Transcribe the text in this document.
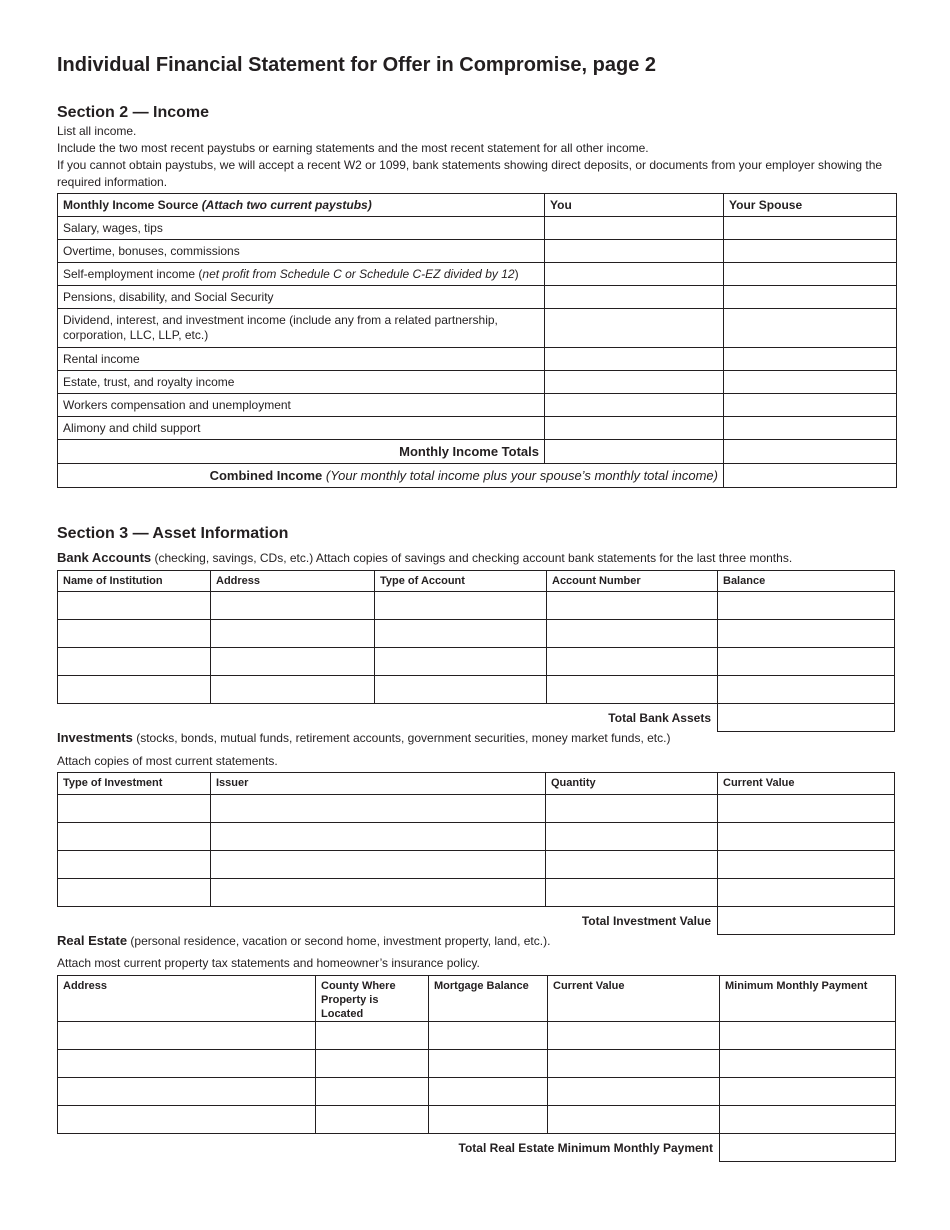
Individual Financial Statement for Offer in Compromise, page 2
Section 2 — Income

List all income.

Include the two most recent paystubs or earning statements and the most recent statement for all other income.

If you cannot obtain paystubs, we will accept a recent W2 or 1099, bank statements showing direct deposits, or documents from your employer showing the required information.

Monthly Income Source (Attach two current paystubs)	You	Your Spouse
Salary, wages, tips		
Overtime, bonuses, commissions		
Self-employment income (net profit from Schedule C or Schedule C-EZ divided by 12)		
Pensions, disability, and Social Security		
Dividend, interest, and investment income (include any from a related partnership, corporation, LLC, LLP, etc.)		
Rental income		
Estate, trust, and royalty income		
Workers compensation and unemployment		
Alimony and child support		
Monthly Income Totals		
Combined Income (Your monthly total income plus your spouse’s monthly total income)		
Section 3 — Asset Information

Bank Accounts (checking, savings, CDs, etc.) Attach copies of savings and checking account bank statements for the last three months.

Name of Institution	Address	Type of Account	Account Number	Balance

Total Bank Assets				

Investments (stocks, bonds, mutual funds, retirement accounts, government securities, money market funds, etc.)

Attach copies of most current statements.

Type of Investment	Issuer	Quantity	Current Value

Total Investment Value			

Real Estate (personal residence, vacation or second home, investment property, land, etc.).

Attach most current property tax statements and homeowner’s insurance policy.

Address	County Where Property is Located	Mortgage Balance	Current Value	Minimum Monthly Payment

Total Real Estate Minimum Monthly Payment				
